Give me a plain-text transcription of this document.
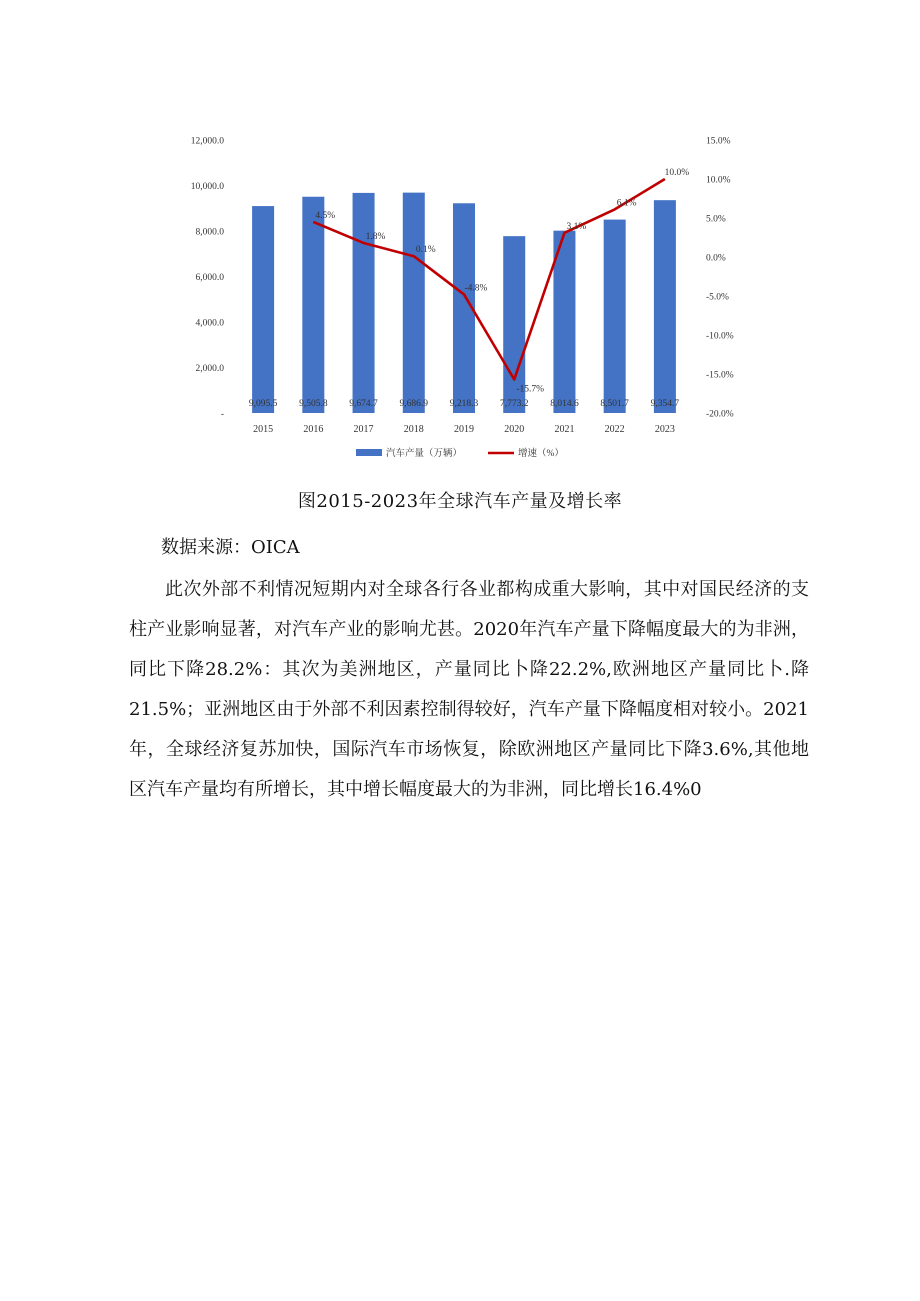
9,095.5 9,505.8 9,674.7 9,686.9 9,218.3 7,773.2 8,014.6 8,501.7 9,354.7
4.5%
1.8%
0.1%
-4.8%
-15.7%
3.1%
6.1%
10.0%
2015	2016	2017	2018	2019	2020	2021	2022	2023
-
2,000.0
4,000.0
6,000.0
8,000.0
10,000.0
12,000.0
-20.0%
-15.0%
-10.0%
-5.0%
0.0%
5.0%
10.0%
15.0%
汽车产量（万辆）	增速（%）
图2015-2023年全球汽车产量及增长率
数据来源：OICA

此次外部不利情况短期内对全球各行各业都构成重大影响，其中对国民经济的支柱产业影响显著，对汽车产业的影响尤甚。2020年汽车产量下降幅度最大的为非洲，同比下降28.2%：其次为美洲地区，产量同比卜降22.2%,欧洲地区产量同比卜.降21.5%；亚洲地区由于外部不利因素控制得较好，汽车产量下降幅度相对较小。2021年，全球经济复苏加快，国际汽车市场恢复，除欧洲地区产量同比下降3.6%,其他地区汽车产量均有所增长，其中增长幅度最大的为非洲，同比增长16.4%0
